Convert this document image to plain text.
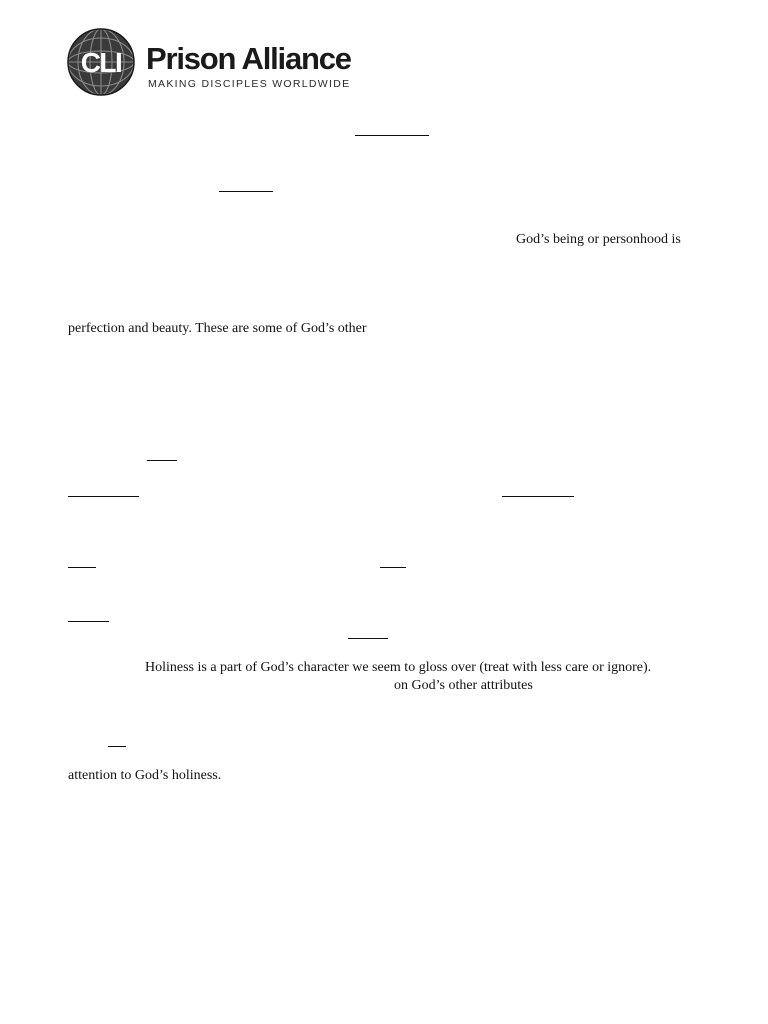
CLI Prison Alliance
MAKING DISCIPLES WORLDWIDE
God’s being or personhood is
perfection and beauty. These are some of God’s other
Holiness is a part of God’s character we seem to gloss over (treat with less care or ignore).
on God’s other attributes
attention to God’s holiness.
